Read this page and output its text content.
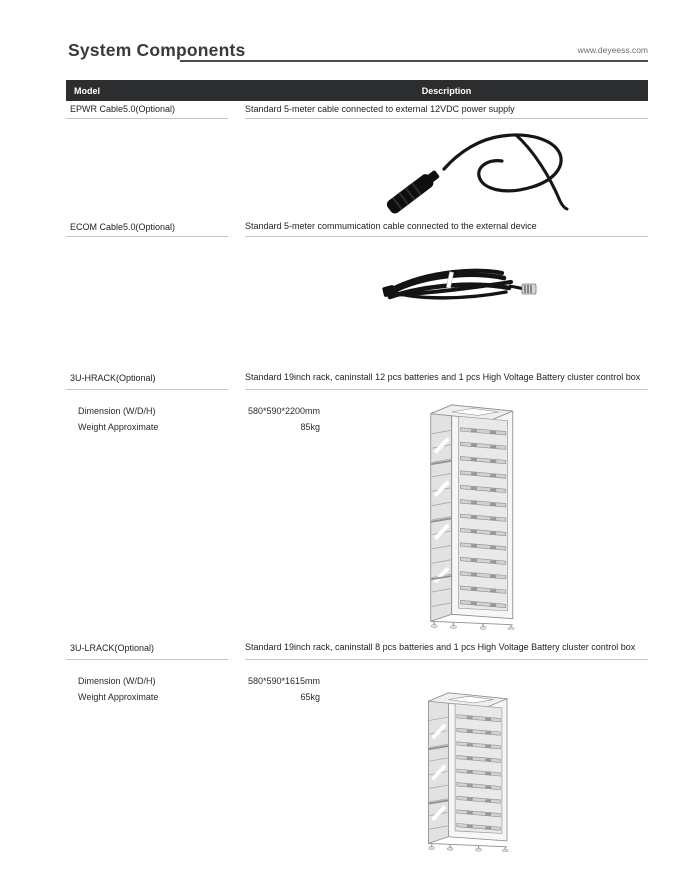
System Components	www.deyeess.com
Model	Description
EPWR Cable5.0(Optional)	Standard 5-meter cable connected to external 12VDC power supply
ECOM Cable5.0(Optional)	Standard 5-meter commumication cable connected to the external device
3U-HRACK(Optional)	Standard 19inch rack, caninstall 12 pcs batteries and 1 pcs High Voltage Battery cluster control box
Dimension (W/D/H)	580*590*2200mm
Weight Approximate	85kg
3U-LRACK(Optional)	Standard 19inch rack, caninstall 8 pcs batteries and 1 pcs High Voltage Battery cluster control box
Dimension (W/D/H)	580*590*1615mm
Weight Approximate	65kg
